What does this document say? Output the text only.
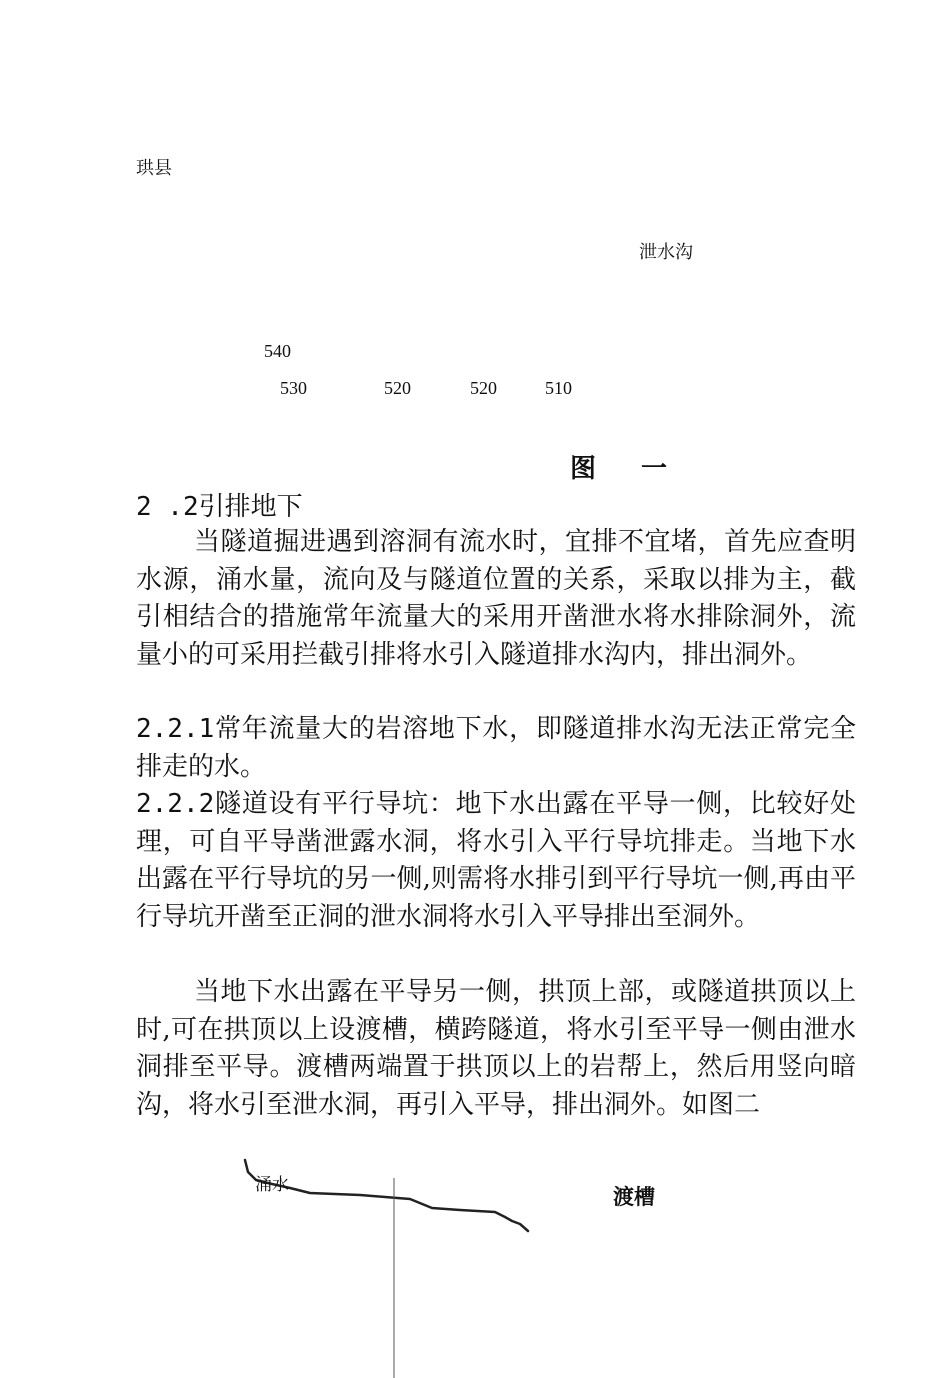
珙县
泄水沟
540
530	520	520	510
图 一
2 .2引排地下

当隧道掘进遇到溶洞有流水时，宜排不宜堵，首先应查明水源，涌水量，流向及与隧道位置的关系，采取以排为主，截引相结合的措施常年流量大的采用开凿泄水将水排除洞外，流量小的可采用拦截引排将水引入隧道排水沟内，排出洞外。

2.2.1常年流量大的岩溶地下水，即隧道排水沟无法正常完全排走的水。

2.2.2隧道设有平行导坑：地下水出露在平导一侧，比较好处理，可自平导凿泄露水洞，将水引入平行导坑排走。当地下水出露在平行导坑的另一侧,则需将水排引到平行导坑一侧,再由平行导坑开凿至正洞的泄水洞将水引入平导排出至洞外。

当地下水出露在平导另一侧，拱顶上部，或隧道拱顶以上时,可在拱顶以上设渡槽，横跨隧道，将水引至平导一侧由泄水洞排至平导。渡槽两端置于拱顶以上的岩帮上，然后用竖向暗沟，将水引至泄水洞，再引入平导，排出洞外。如图二

涌水	渡槽
